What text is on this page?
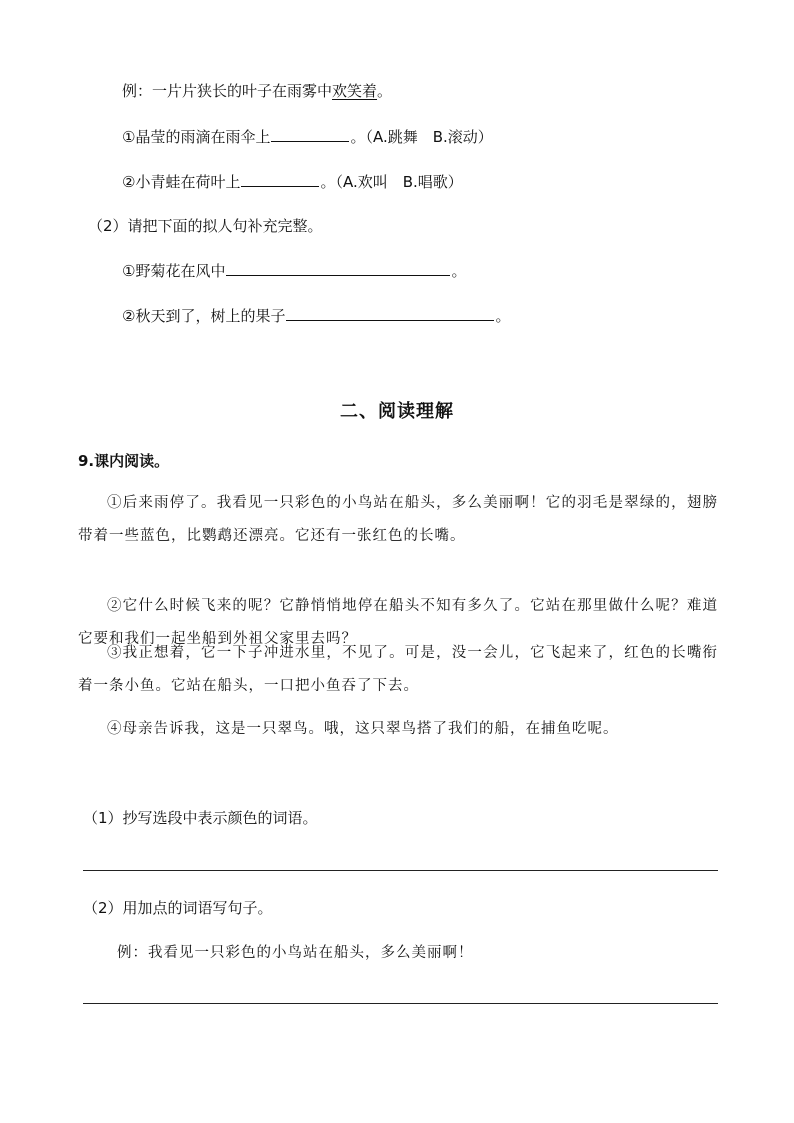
例：一片片狭长的叶子在雨雾中欢笑着。
①晶莹的雨滴在雨伞上	。（A.跳舞　B.滚动）
②小青蛙在荷叶上	。（A.欢叫　B.唱歌）
（2）请把下面的拟人句补充完整。
①野菊花在风中	。
②秋天到了，树上的果子	。
二、阅读理解
9.课内阅读。

①后来雨停了。我看见一只彩色的小鸟站在船头，多么美丽啊！它的羽毛是翠绿的，翅膀带着一些蓝色，比鹦鹉还漂亮。它还有一张红色的长嘴。

②它什么时候飞来的呢？它静悄悄地停在船头不知有多久了。它站在那里做什么呢？难道它要和我们一起坐船到外祖父家里去吗？

③我正想着，它一下子冲进水里，不见了。可是，没一会儿，它飞起来了，红色的长嘴衔着一条小鱼。它站在船头，一口把小鱼吞了下去。

④母亲告诉我，这是一只翠鸟。哦，这只翠鸟搭了我们的船，在捕鱼吃呢。

（1）抄写选段中表示颜色的词语。
（2）用加点的词语写句子。
例：我看见一只彩色的小鸟站在船头，多么美丽啊！
